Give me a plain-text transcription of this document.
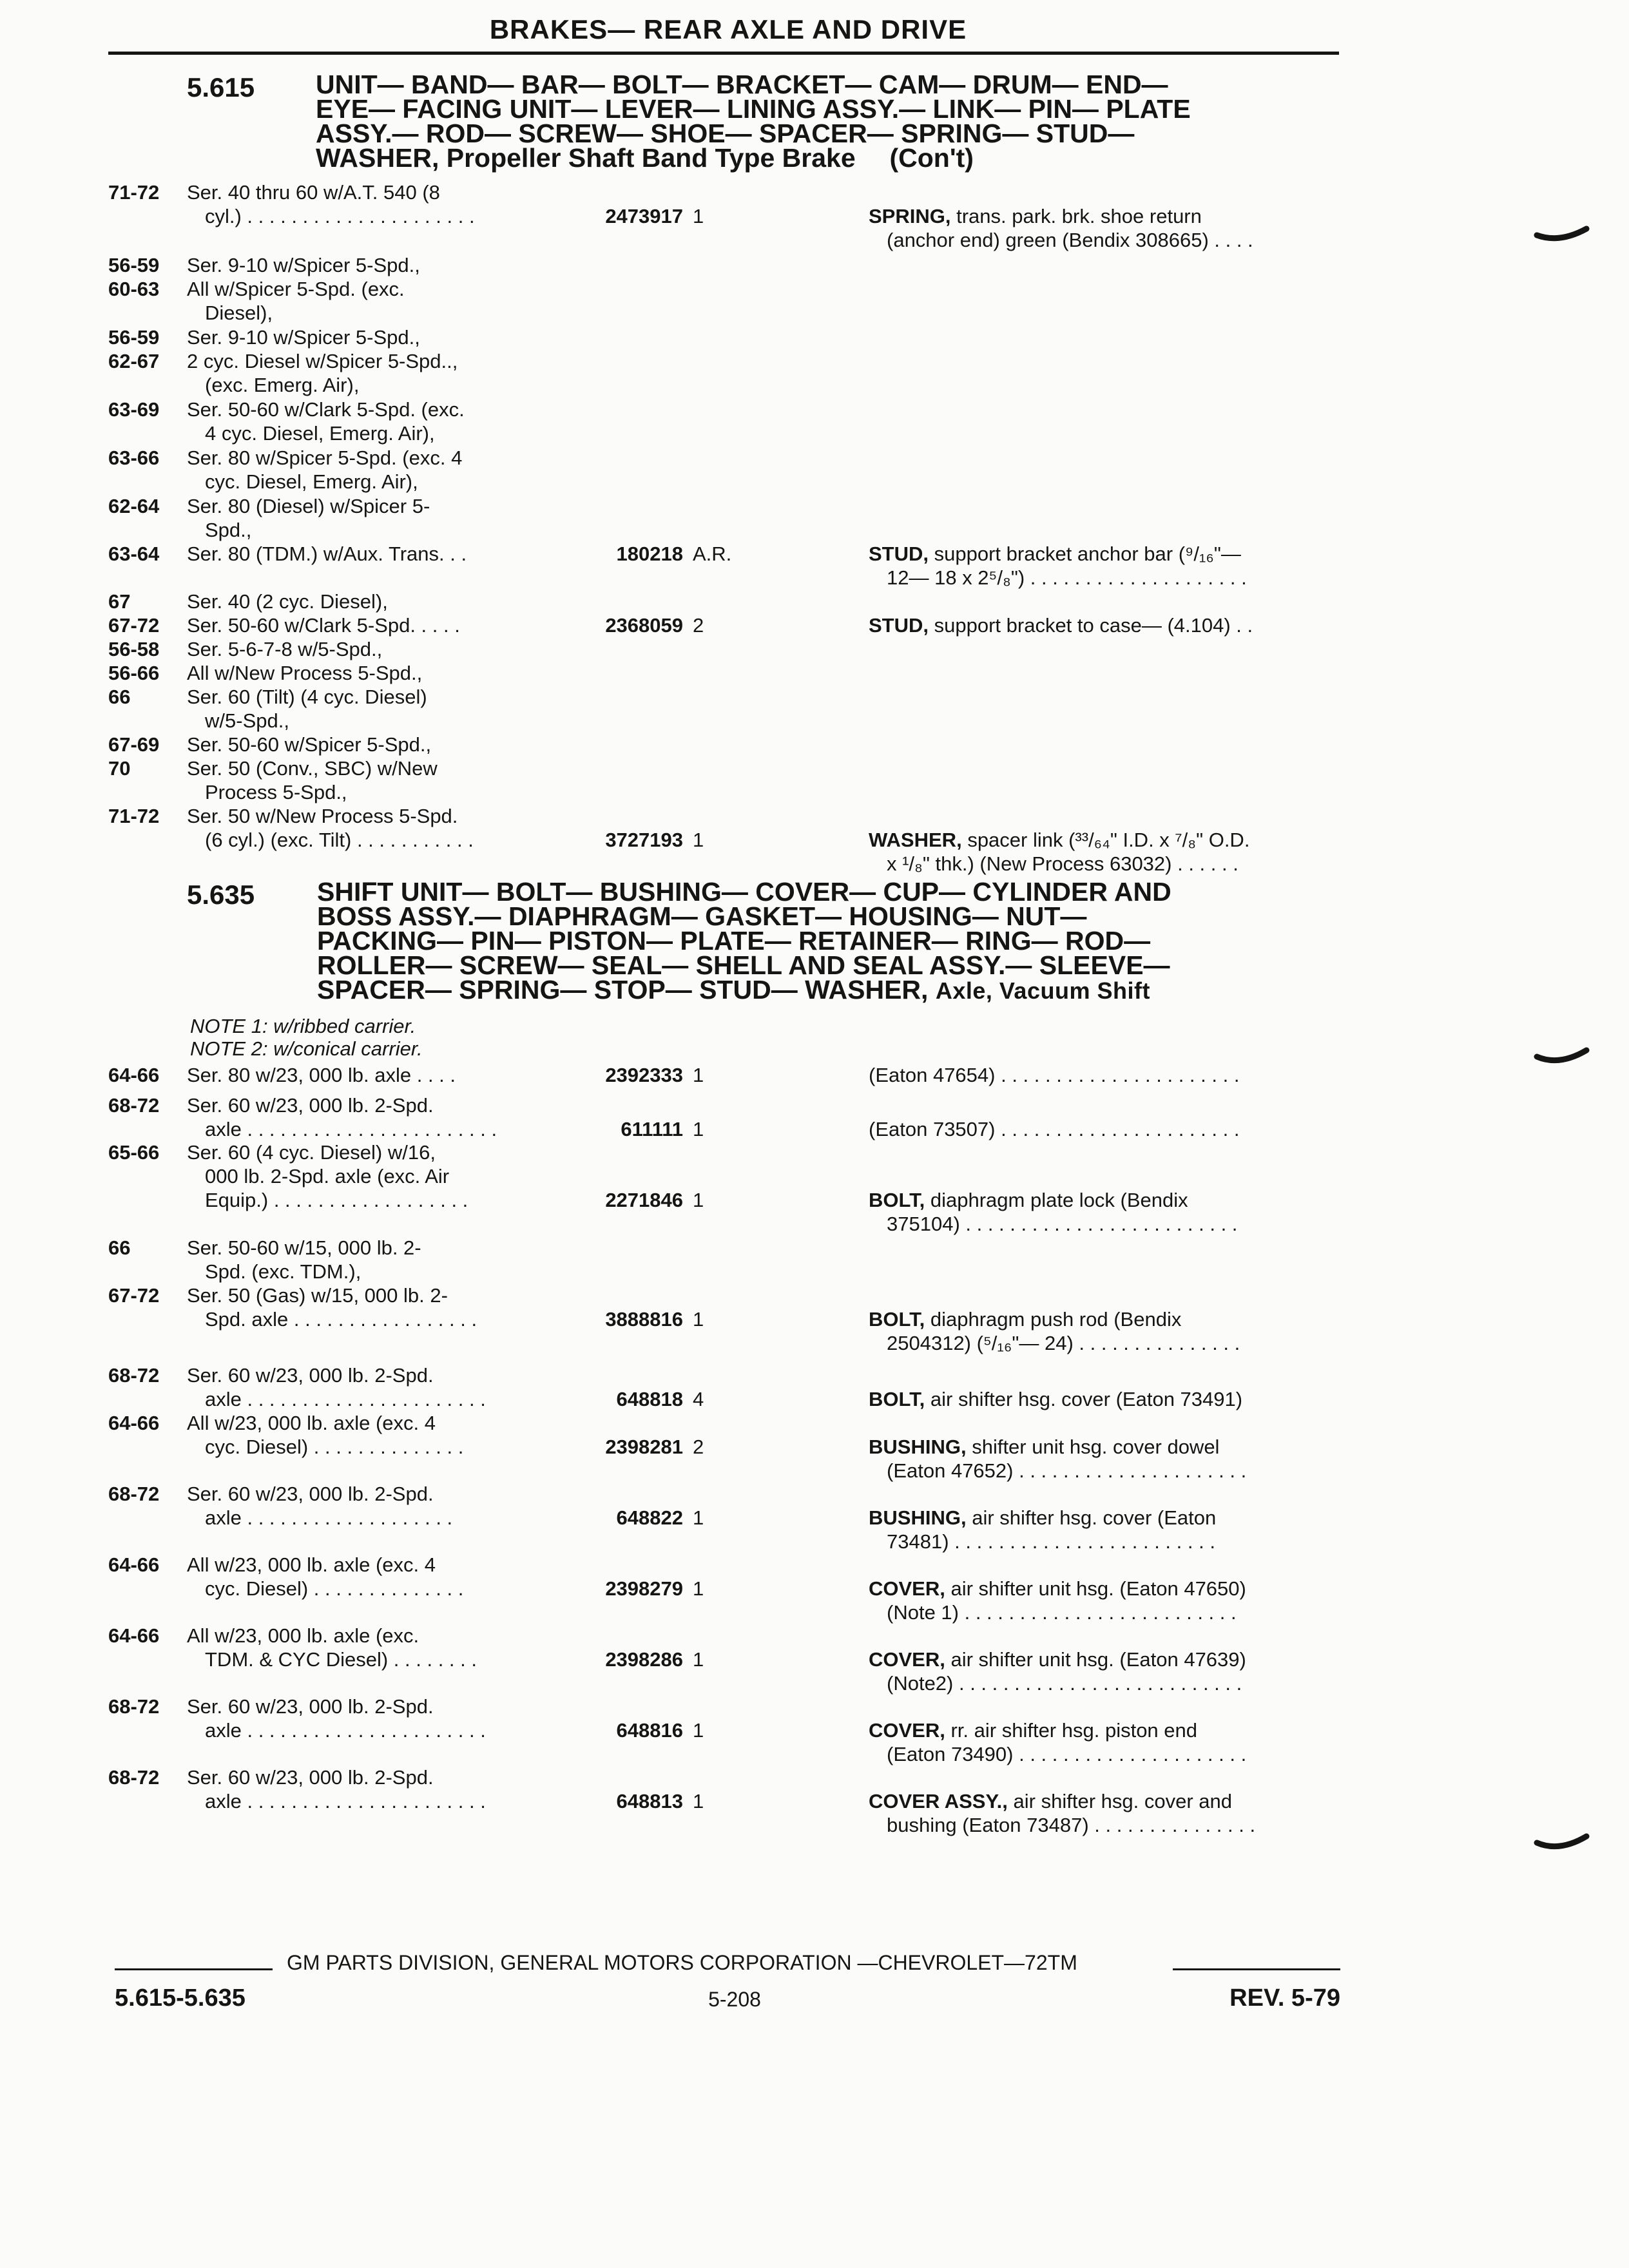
BRAKES— REAR AXLE AND DRIVE
5.615 UNIT— BAND— BAR— BOLT— BRACKET— CAM— DRUM— END—
EYE— FACING UNIT— LEVER— LINING ASSY.— LINK— PIN— PLATE
ASSY.— ROD— SCREW— SHOE— SPACER— SPRING— STUD—
WASHER, Propeller Shaft Band Type Brake (Con't)
71-72	Ser. 40 thru 60 w/A.T. 540 (8
cyl.) . . . . . . . . . . . . . . . . . . . . .	2473917 1	SPRING, trans. park. brk. shoe return
(anchor end) green (Bendix 308665) . . . .
56-59	Ser. 9-10 w/Spicer 5-Spd.,
60-63	All w/Spicer 5-Spd. (exc.
Diesel),
56-59	Ser. 9-10 w/Spicer 5-Spd.,
62-67	2 cyc. Diesel w/Spicer 5-Spd..,
(exc. Emerg. Air),
63-69	Ser. 50-60 w/Clark 5-Spd. (exc.
4 cyc. Diesel, Emerg. Air),
63-66	Ser. 80 w/Spicer 5-Spd. (exc. 4
cyc. Diesel, Emerg. Air),
62-64	Ser. 80 (Diesel) w/Spicer 5-
Spd.,
63-64	Ser. 80 (TDM.) w/Aux. Trans. . .	180218 A.R.	STUD, support bracket anchor bar (⁹/₁₆"—
12— 18 x 2⁵/₈") . . . . . . . . . . . . . . . . . . . .
67	Ser. 40 (2 cyc. Diesel),
67-72	Ser. 50-60 w/Clark 5-Spd. . . . .	2368059 2	STUD, support bracket to case— (4.104) . .
56-58	Ser. 5-6-7-8 w/5-Spd.,
56-66	All w/New Process 5-Spd.,
66	Ser. 60 (Tilt) (4 cyc. Diesel)
w/5-Spd.,
67-69	Ser. 50-60 w/Spicer 5-Spd.,
70	Ser. 50 (Conv., SBC) w/New
Process 5-Spd.,
71-72	Ser. 50 w/New Process 5-Spd.
(6 cyl.) (exc. Tilt) . . . . . . . . . . .	3727193 1	WASHER, spacer link (³³/₆₄" I.D. x ⁷/₈" O.D.
x ¹/₈" thk.) (New Process 63032) . . . . . .
5.635 SHIFT UNIT— BOLT— BUSHING— COVER— CUP— CYLINDER AND
BOSS ASSY.— DIAPHRAGM— GASKET— HOUSING— NUT—
PACKING— PIN— PISTON— PLATE— RETAINER— RING— ROD—
ROLLER— SCREW— SEAL— SHELL AND SEAL ASSY.— SLEEVE—
SPACER— SPRING— STOP— STUD— WASHER, Axle, Vacuum Shift
NOTE 1: w/ribbed carrier.
NOTE 2: w/conical carrier.
64-66	Ser. 80 w/23, 000 lb. axle . . . .	2392333 1	(Eaton 47654) . . . . . . . . . . . . . . . . . . . . . .
68-72	Ser. 60 w/23, 000 lb. 2-Spd.
axle . . . . . . . . . . . . . . . . . . . . . . .	611111 1	(Eaton 73507) . . . . . . . . . . . . . . . . . . . . . .
65-66	Ser. 60 (4 cyc. Diesel) w/16,
000 lb. 2-Spd. axle (exc. Air
Equip.) . . . . . . . . . . . . . . . . . .	2271846 1	BOLT, diaphragm plate lock (Bendix
375104) . . . . . . . . . . . . . . . . . . . . . . . . .
66	Ser. 50-60 w/15, 000 lb. 2-
Spd. (exc. TDM.),
67-72	Ser. 50 (Gas) w/15, 000 lb. 2-
Spd. axle . . . . . . . . . . . . . . . . .	3888816 1	BOLT, diaphragm push rod (Bendix
2504312) (⁵/₁₆"— 24) . . . . . . . . . . . . . . .
68-72	Ser. 60 w/23, 000 lb. 2-Spd.
axle . . . . . . . . . . . . . . . . . . . . . .	648818 4	BOLT, air shifter hsg. cover (Eaton 73491)
64-66	All w/23, 000 lb. axle (exc. 4
cyc. Diesel) . . . . . . . . . . . . . .	2398281 2	BUSHING, shifter unit hsg. cover dowel
(Eaton 47652) . . . . . . . . . . . . . . . . . . . . .
68-72	Ser. 60 w/23, 000 lb. 2-Spd.
axle . . . . . . . . . . . . . . . . . . .	648822 1	BUSHING, air shifter hsg. cover (Eaton
73481) . . . . . . . . . . . . . . . . . . . . . . . .
64-66	All w/23, 000 lb. axle (exc. 4
cyc. Diesel) . . . . . . . . . . . . . .	2398279 1	COVER, air shifter unit hsg. (Eaton 47650)
(Note 1) . . . . . . . . . . . . . . . . . . . . . . . . .
64-66	All w/23, 000 lb. axle (exc.
TDM. & CYC Diesel) . . . . . . . .	2398286 1	COVER, air shifter unit hsg. (Eaton 47639)
(Note2) . . . . . . . . . . . . . . . . . . . . . . . . . .
68-72	Ser. 60 w/23, 000 lb. 2-Spd.
axle . . . . . . . . . . . . . . . . . . . . . .	648816 1	COVER, rr. air shifter hsg. piston end
(Eaton 73490) . . . . . . . . . . . . . . . . . . . . .
68-72	Ser. 60 w/23, 000 lb. 2-Spd.
axle . . . . . . . . . . . . . . . . . . . . . .	648813 1	COVER ASSY., air shifter hsg. cover and
bushing (Eaton 73487) . . . . . . . . . . . . . . .
GM PARTS DIVISION, GENERAL MOTORS CORPORATION —CHEVROLET—72TM
5.615-5.635	5-208	REV. 5-79
